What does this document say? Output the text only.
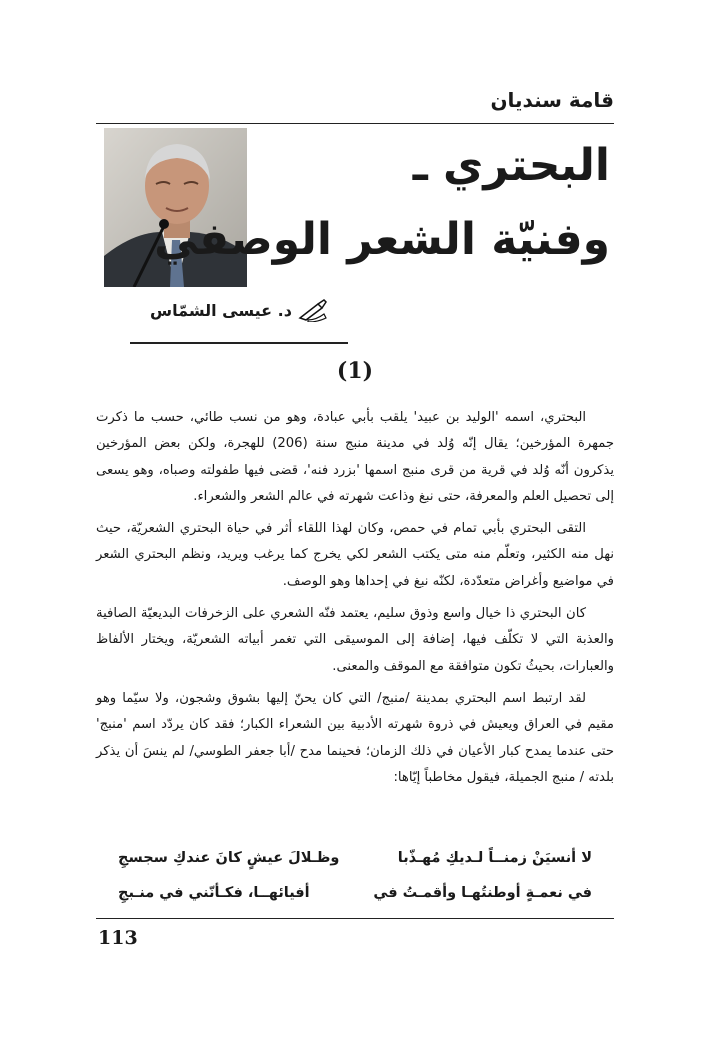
قامة سنديان
البحتري ـ
وفنيّة الشعر الوصفي
د. عيسى الشمّاس
(1)

البحتري، اسمه 'الوليد بن عبيد' يلقب بأبي عبادة، وهو من نسب طائي، حسب ما ذكرت جمهرة المؤرخين؛ يقال إنّه وُلد في مدينة منبج سنة (206) للهجرة، ولكن بعض المؤرخين يذكرون أنّه وُلد في قرية من قرى منبج اسمها 'بزرد فنه'، قضى فيها طفولته وصباه، وهو يسعى إلى تحصيل العلم والمعرفة، حتى نبغ وذاعت شهرته في عالم الشعر والشعراء.

التقى البحتري بأبي تمام في حمص، وكان لهذا اللقاء أثر في حياة البحتري الشعريّة، حيث نهل منه الكثير، وتعلّم منه متى يكتب الشعر لكي يخرج كما يرغب ويريد، ونظم البحتري الشعر في مواضيع وأغراض متعدّدة، لكنّه نبغ في إحداها وهو الوصف.

كان البحتري ذا خيال واسع وذوق سليم، يعتمد فنّه الشعري على الزخرفات البديعيّة الصافية والعذبة التي لا تكلّف فيها، إضافة إلى الموسيقى التي تغمر أبياته الشعريّة، ويختار الألفاظ والعبارات، بحيثُ تكون متوافقة مع الموقف والمعنى.

لقد ارتبط اسم البحتري بمدينة /منبج/ التي كان يحنّ إليها بشوق وشجون، ولا سيّما وهو مقيم في العراق ويعيش في ذروة شهرته الأدبية بين الشعراء الكبار؛ فقد كان يردّد اسم 'منبج' حتى عندما يمدح كبار الأعيان في ذلك الزمان؛ فحينما مدح /أبا جعفر الطوسي/ لم ينسَ أن يذكر بلدته / منبج الجميلة، فيقول مخاطباً إيّاها:

لا أنسيَنْ زمنــاً لـديكِ مُهـذّبا
وظـلالَ عيشٍ كانَ عندكِ سجسجِ
في نعمـةٍ أوطنتُهـا وأقمـتُ في
أفيائهــا، فكـأنّني في منـبجِ
113
